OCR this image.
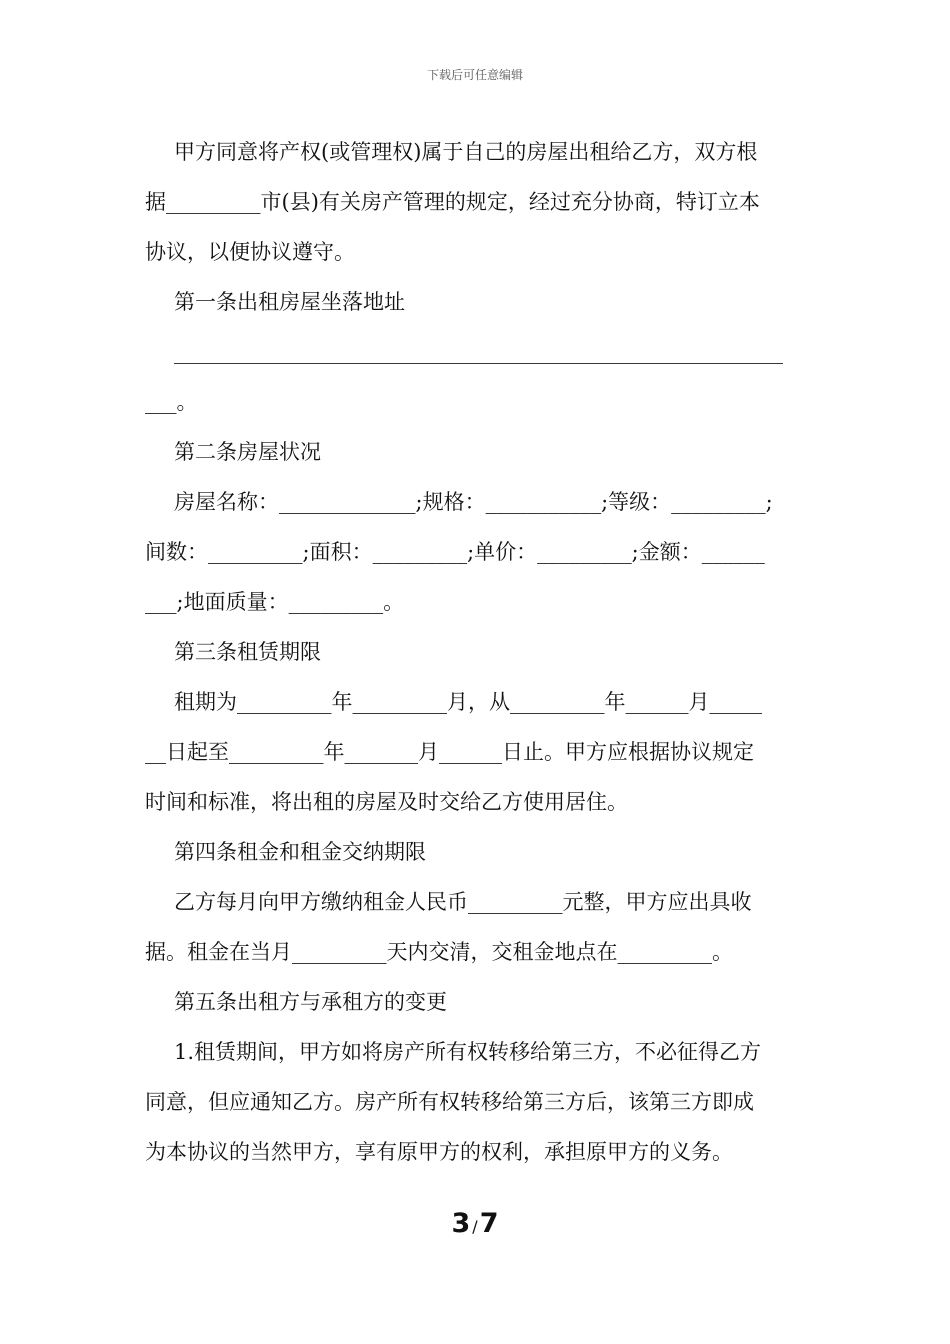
下载后可任意编辑
甲方同意将产权(或管理权)属于自己的房屋出租给乙方，双方根
据_________市(县)有关房产管理的规定，经过充分协商，特订立本
协议，以便协议遵守。
第一条出租房屋坐落地址
__________________________________________________________
___。
第二条房屋状况
房屋名称：_____________;规格：___________;等级：_________;
间数：_________;面积：_________;单价：_________;金额：______
___;地面质量：_________。
第三条租赁期限
租期为_________年_________月，从_________年______月_____
__日起至_________年_______月______日止。甲方应根据协议规定
时间和标准，将出租的房屋及时交给乙方使用居住。
第四条租金和租金交纳期限
乙方每月向甲方缴纳租金人民币_________元整，甲方应出具收
据。租金在当月_________天内交清，交租金地点在_________。
第五条出租方与承租方的变更
1.租赁期间，甲方如将房产所有权转移给第三方，不必征得乙方
同意，但应通知乙方。房产所有权转移给第三方后，该第三方即成
为本协议的当然甲方，享有原甲方的权利，承担原甲方的义务。
3 /7
